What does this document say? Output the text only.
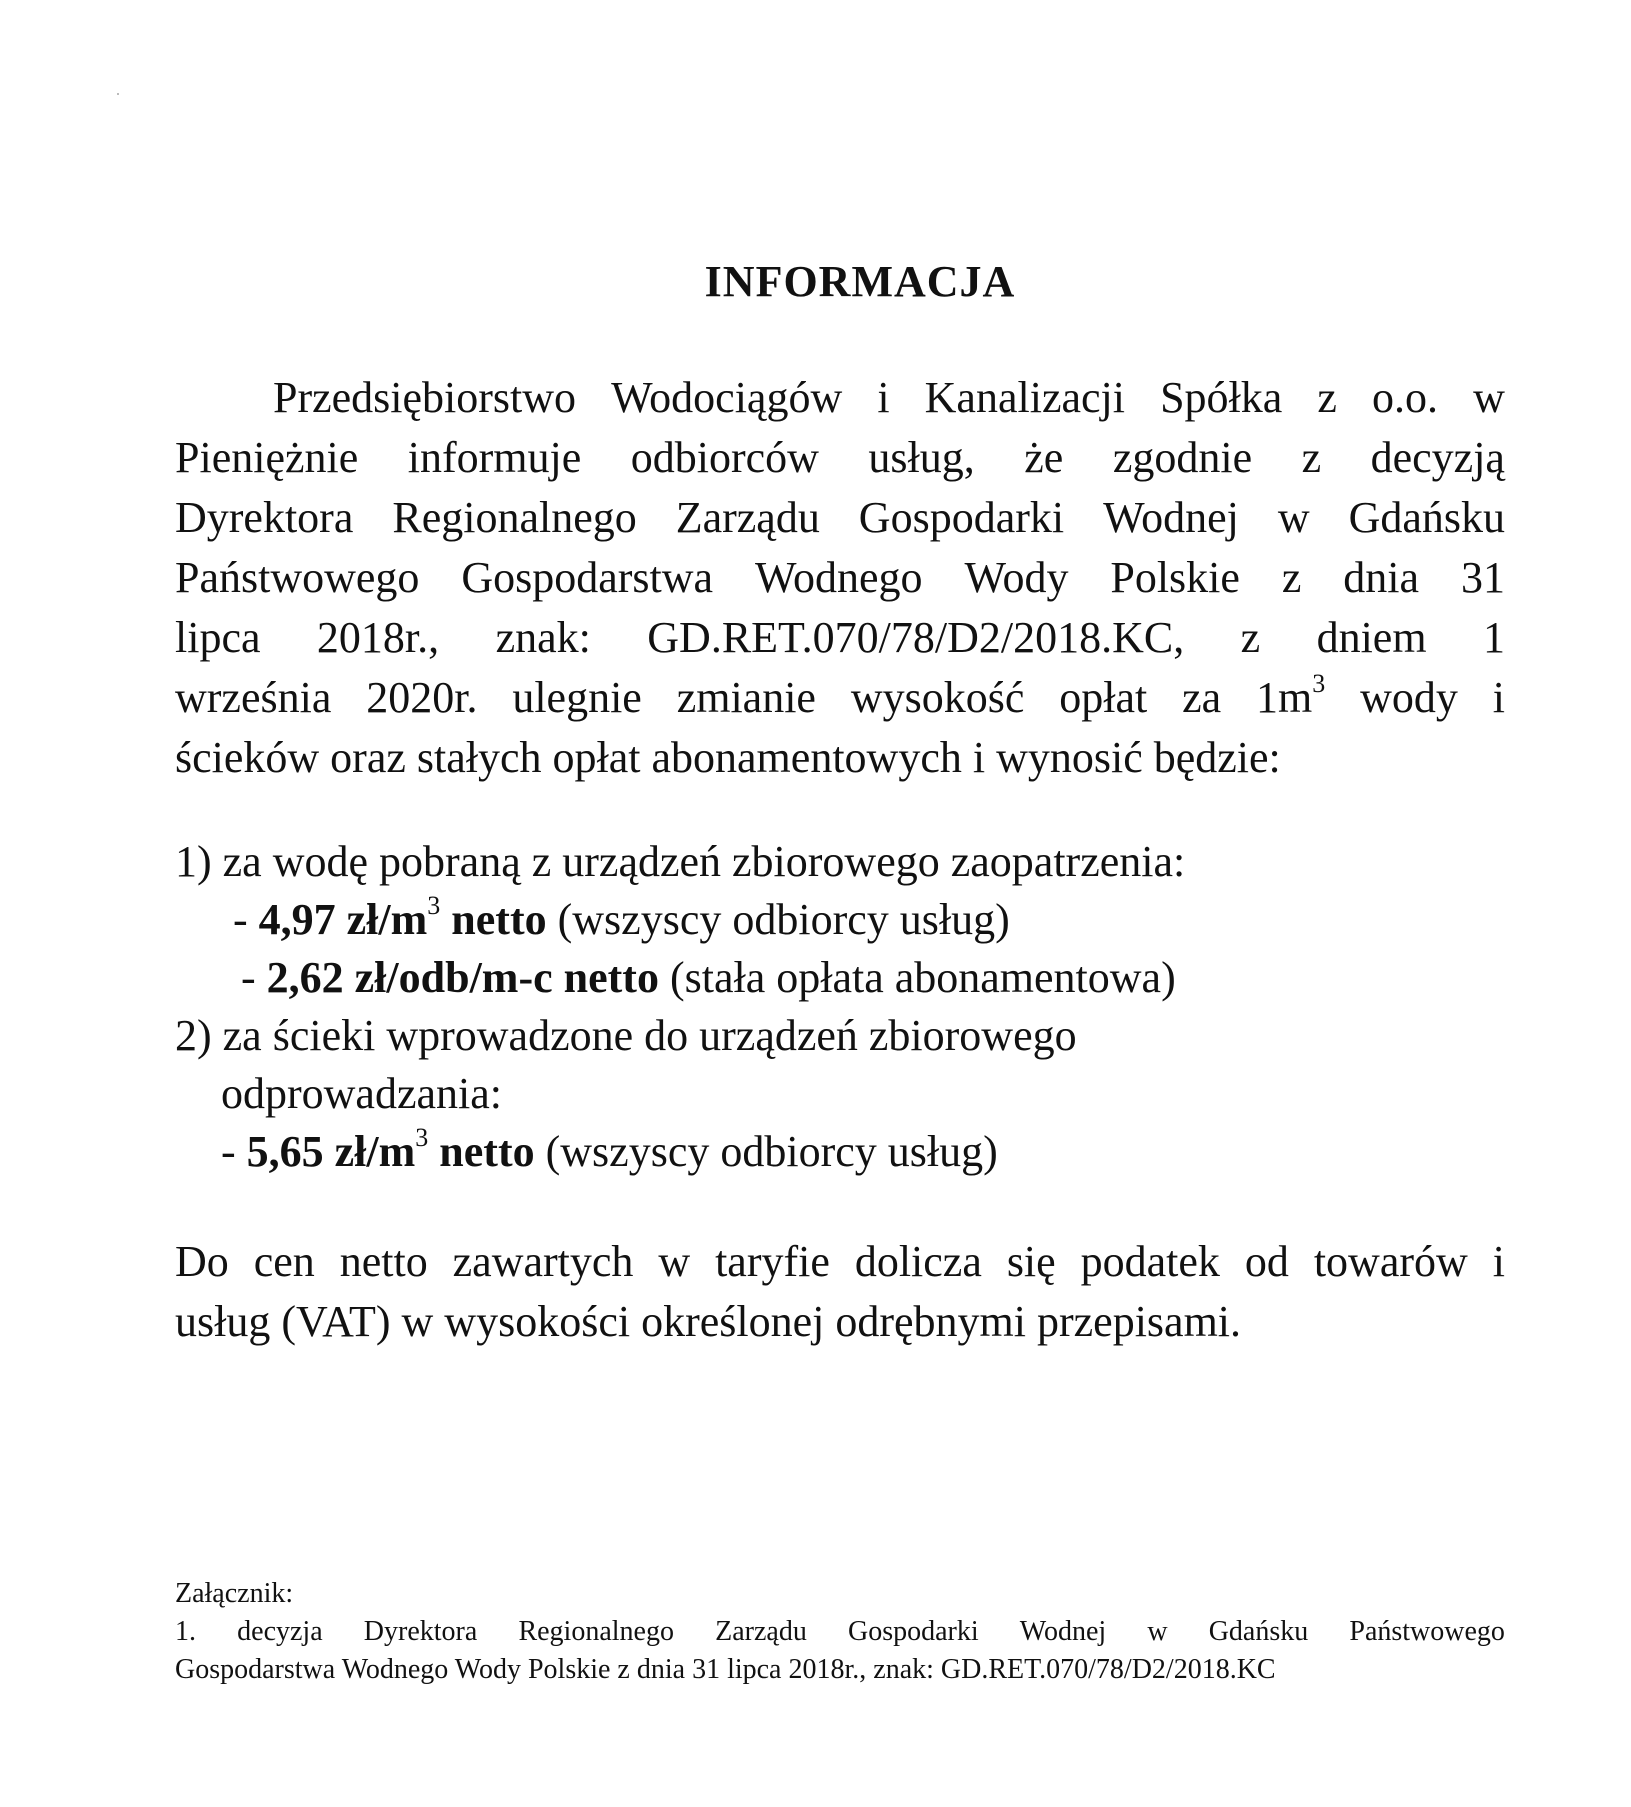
INFORMACJA
Przedsiębiorstwo Wodociągów i Kanalizacji Spółka z o.o. w
Pieniężnie informuje odbiorców usług, że zgodnie z decyzją
Dyrektora Regionalnego Zarządu Gospodarki Wodnej w Gdańsku
Państwowego Gospodarstwa Wodnego Wody Polskie z dnia 31
lipca 2018r., znak: GD.RET.070/78/D2/2018.KC, z dniem 1
września 2020r. ulegnie zmianie wysokość opłat za $1m^3$ wody i
ścieków oraz stałych opłat abonamentowych i wynosić będzie:
1) za wodę pobraną z urządzeń zbiorowego zaopatrzenia:
- 4,97 $zł/m^3$ netto (wszyscy odbiorcy usług)
- 2,62 zł/odb/m-c netto (stała opłata abonamentowa)
2) za ścieki wprowadzone do urządzeń zbiorowego
odprowadzania:
- 5,65 $zł/m^3$ netto (wszyscy odbiorcy usług)
Do cen netto zawartych w taryfie dolicza się podatek od towarów i
usług (VAT) w wysokości określonej odrębnymi przepisami.
Załącznik:
1. decyzja Dyrektora Regionalnego Zarządu Gospodarki Wodnej w Gdańsku Państwowego
Gospodarstwa Wodnego Wody Polskie z dnia 31 lipca 2018r., znak: GD.RET.070/78/D2/2018.KC
